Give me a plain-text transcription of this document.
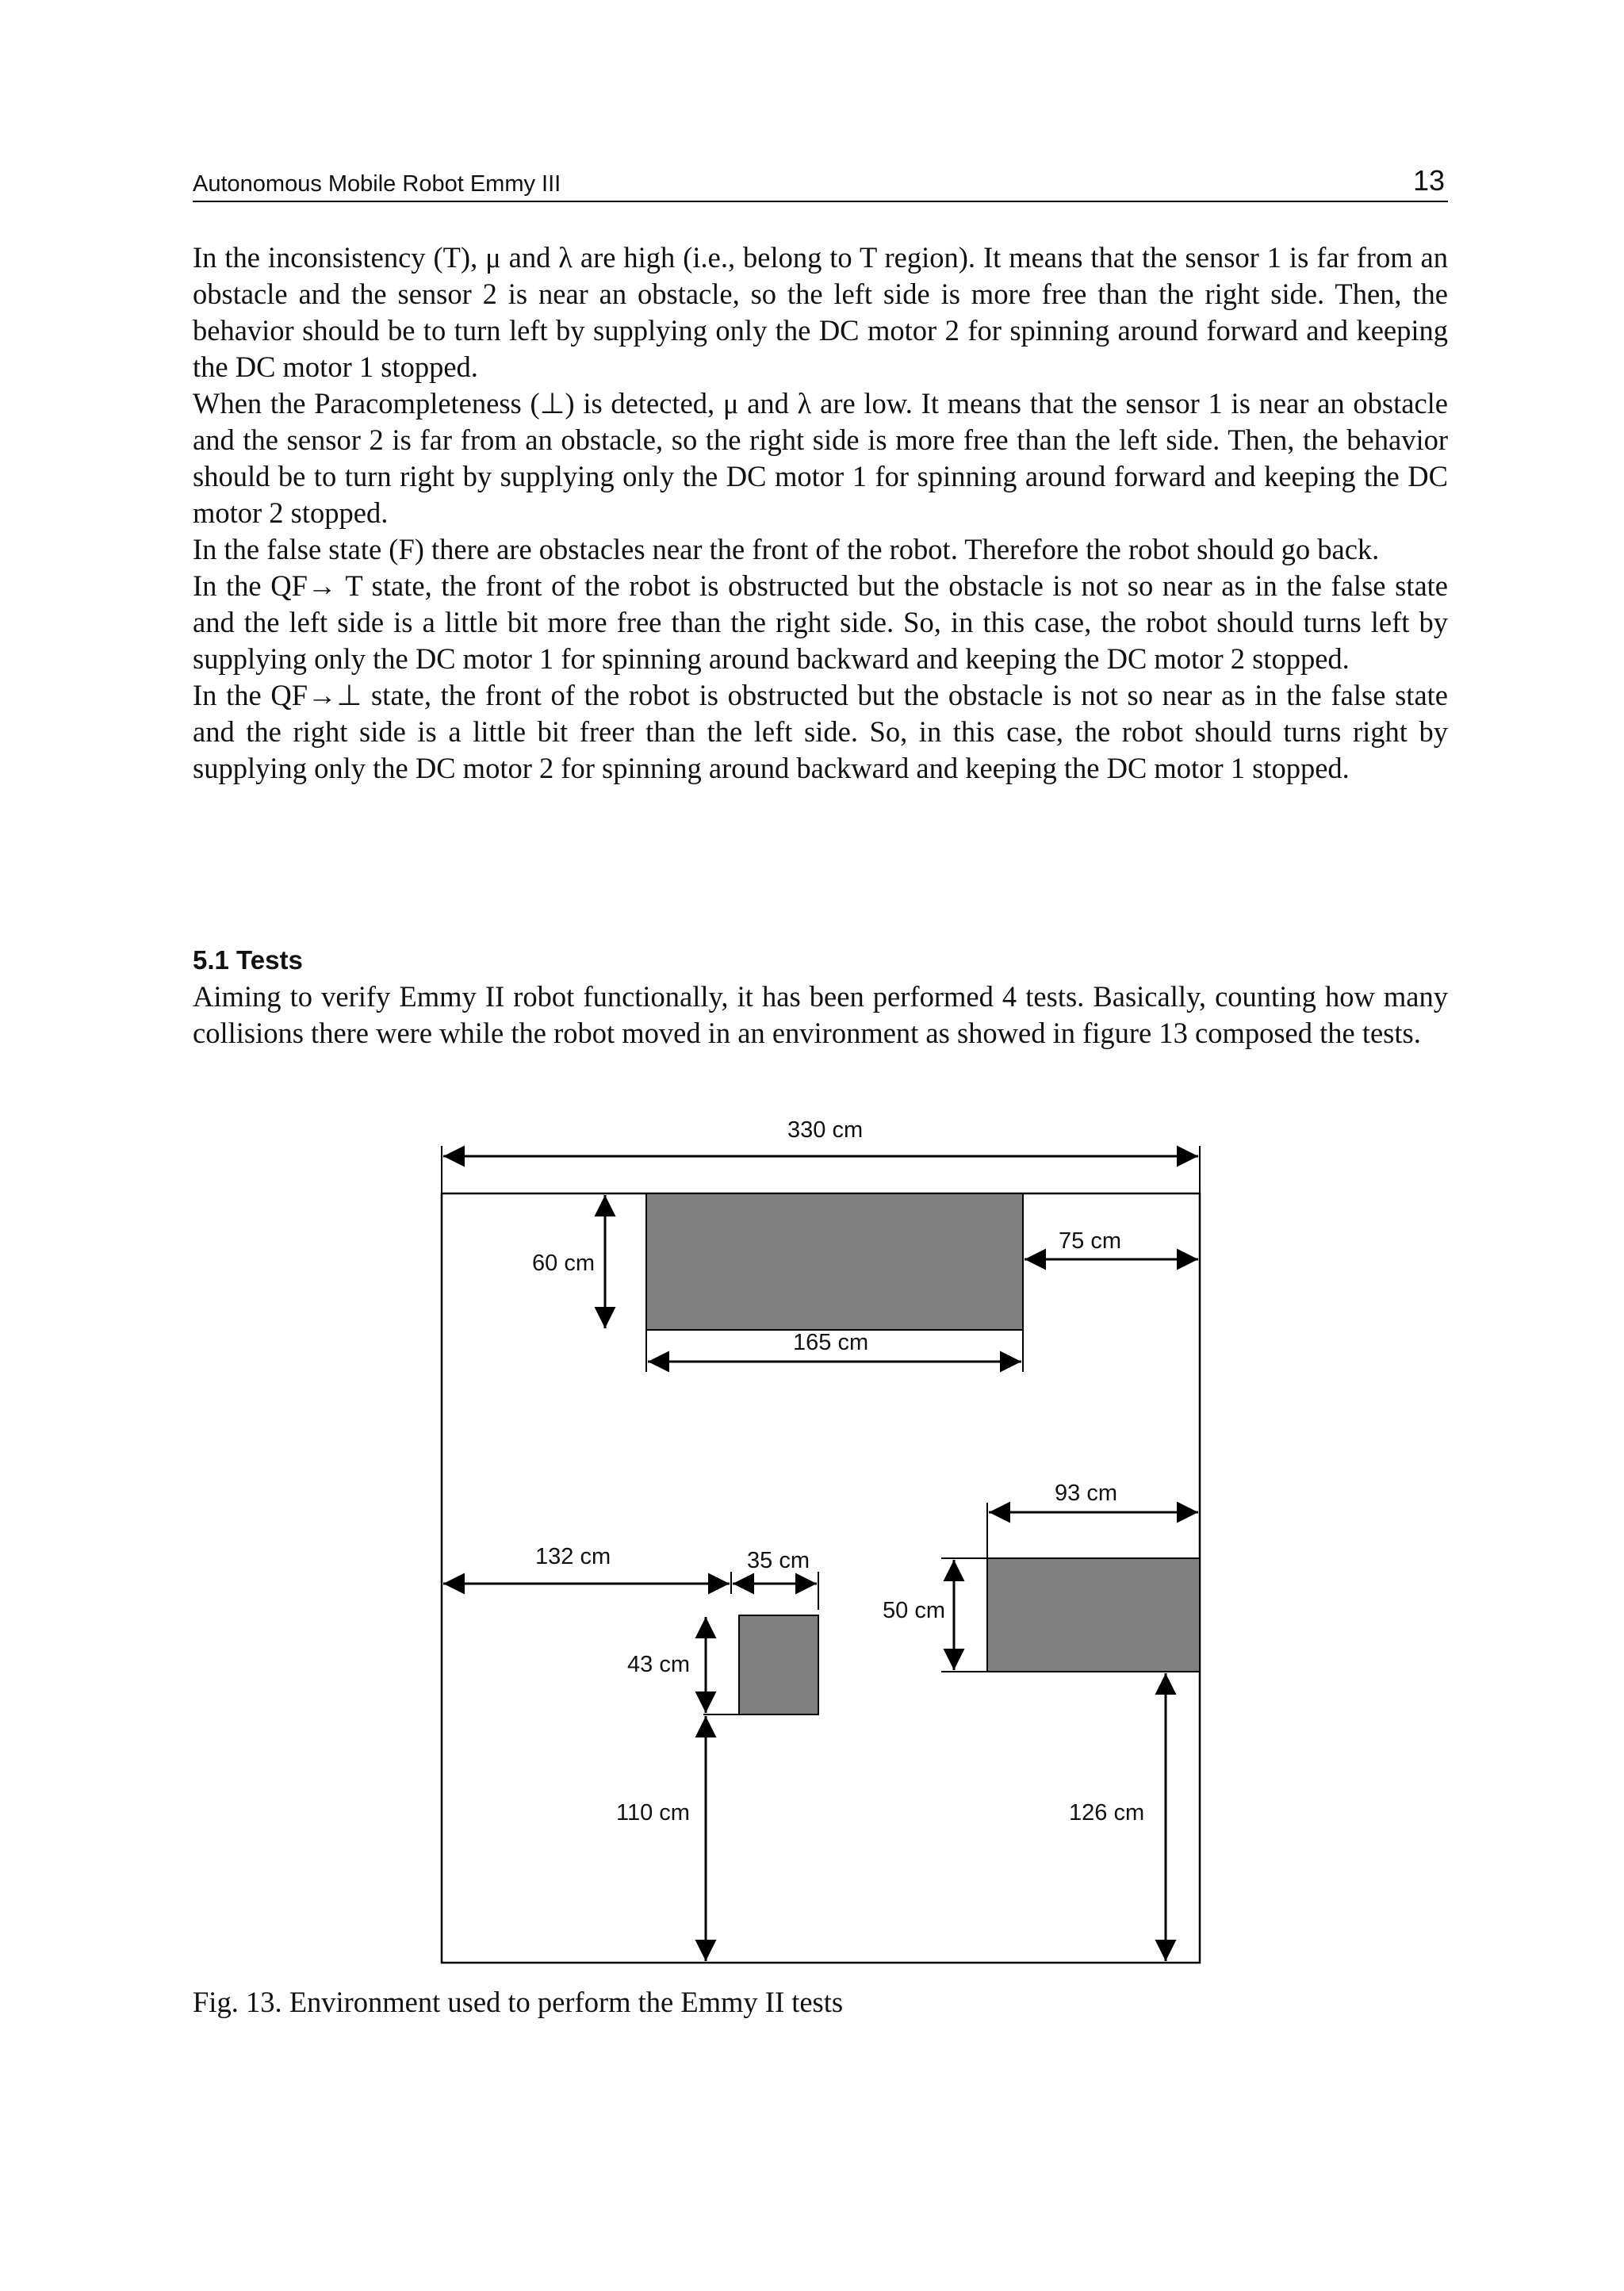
Autonomous Mobile Robot Emmy III	13

In the inconsistency (T), μ and λ are high (i.e., belong to T region). It means that the sensor 1 is far from an obstacle and the sensor 2 is near an obstacle, so the left side is more free than the right side. Then, the behavior should be to turn left by supplying only the DC motor 2 for spinning around forward and keeping the DC motor 1 stopped.

When the Paracompleteness (⊥) is detected, μ and λ are low. It means that the sensor 1 is near an obstacle and the sensor 2 is far from an obstacle, so the right side is more free than the left side. Then, the behavior should be to turn right by supplying only the DC motor 1 for spinning around forward and keeping the DC motor 2 stopped.

In the false state (F) there are obstacles near the front of the robot. Therefore the robot should go back.

In the QF→ T state, the front of the robot is obstructed but the obstacle is not so near as in the false state and the left side is a little bit more free than the right side. So, in this case, the robot should turns left by supplying only the DC motor 1 for spinning around backward and keeping the DC motor 2 stopped.

In the QF→⊥ state, the front of the robot is obstructed but the obstacle is not so near as in the false state and the right side is a little bit freer than the left side. So, in this case, the robot should turns right by supplying only the DC motor 2 for spinning around backward and keeping the DC motor 1 stopped.

5.1 Tests

Aiming to verify Emmy II robot functionally, it has been performed 4 tests. Basically, counting how many collisions there were while the robot moved in an environment as showed in figure 13 composed the tests.

330 cm
60 cm
75 cm
165 cm
93 cm
132 cm	35 cm
50 cm
43 cm
110 cm	126 cm
Fig. 13. Environment used to perform the Emmy II tests
